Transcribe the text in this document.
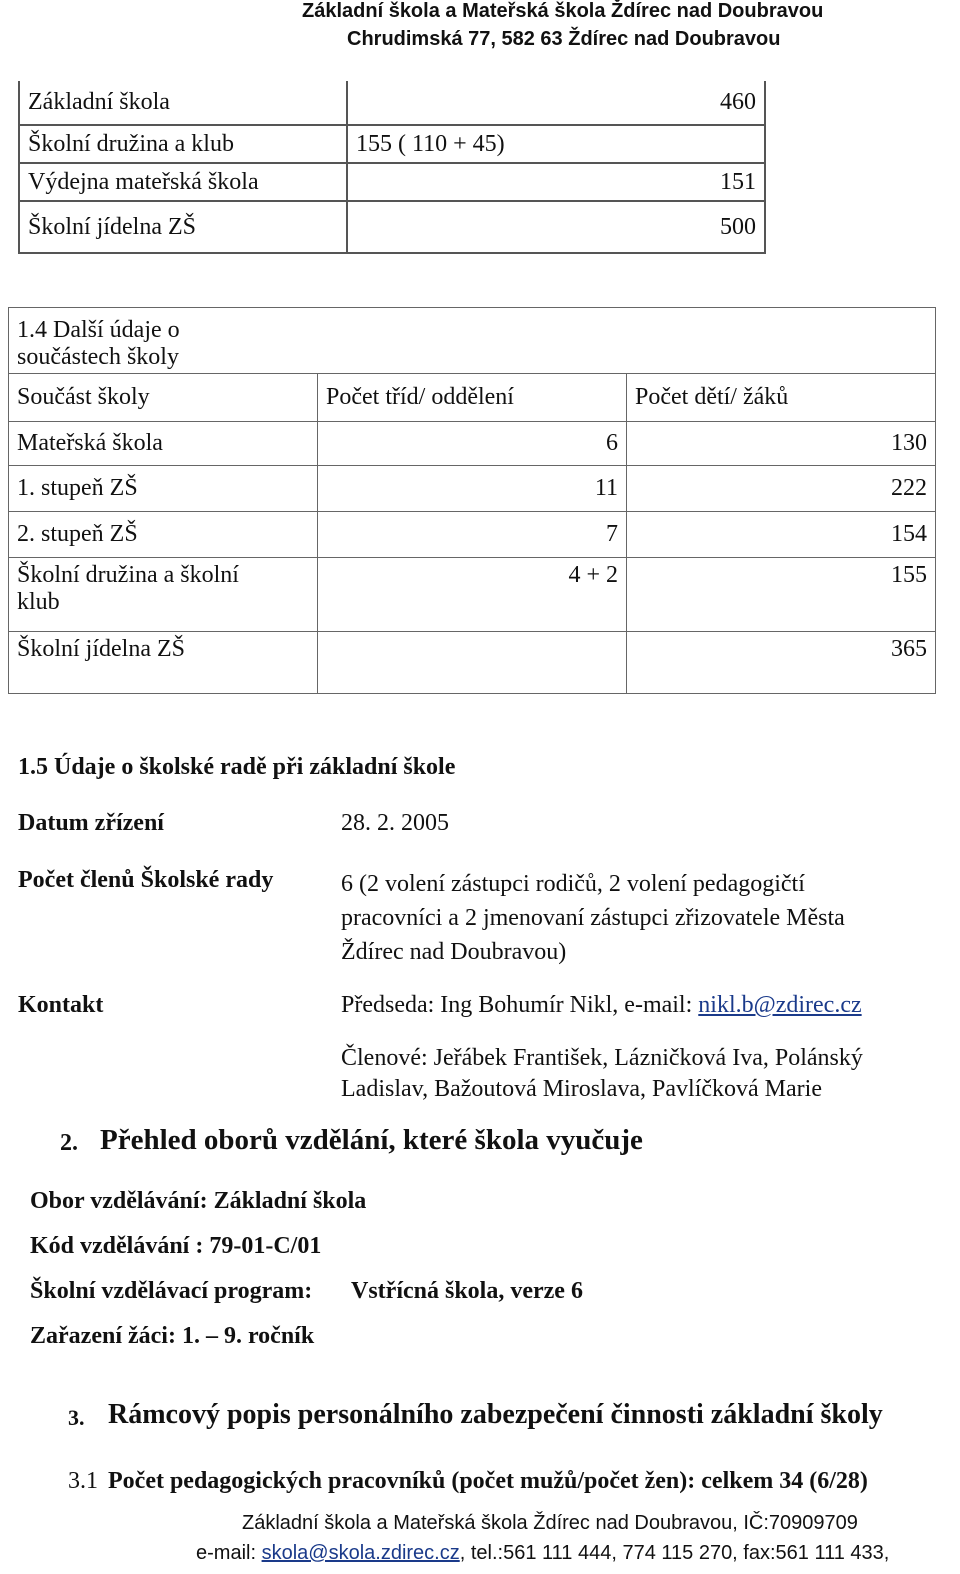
Základní škola a Mateřská škola Ždírec nad Doubravou
Chrudimská 77, 582 63 Ždírec nad Doubravou
Základní škola	460

Školní družina a klub	155 ( 110 + 45)
Výdejna mateřská škola	151
Školní jídelna ZŠ	500
1.4 Další údaje o
součástech školy		

Součást školy	Počet tříd/ oddělení	Počet dětí/ žáků
Mateřská škola	6	130
1. stupeň ZŠ	11	222
2. stupeň ZŠ	7	154

Školní družina a školní
klub	4 + 2	155
Školní jídelna ZŠ		365
1.5 Údaje o školské radě při základní škole
Datum zřízení	28. 2. 2005
Počet členů Školské rady	6 (2 volení zástupci rodičů, 2 volení pedagogičtí
pracovníci a 2 jmenovaní zástupci zřizovatele Města
Ždírec nad Doubravou)
Kontakt	Předseda: Ing Bohumír Nikl, e-mail: nikl.b@zdirec.cz
Členové: Jeřábek František, Lázničková Iva, Polánský
Ladislav, Bažoutová Miroslava, Pavlíčková Marie
2. Přehled oborů vzdělání, které škola vyučuje
Obor vzdělávání: Základní škola
Kód vzdělávání : 79-01-C/01
Školní vzdělávací program: Vstřícná škola, verze 6
Zařazení žáci: 1. – 9. ročník
3. Rámcový popis personálního zabezpečení činnosti základní školy
3.1 Počet pedagogických pracovníků (počet mužů/počet žen): celkem 34 (6/28)
Základní škola a Mateřská škola Ždírec nad Doubravou, IČ:70909709
e-mail: skola@skola.zdirec.cz, tel.:561 111 444, 774 115 270, fax:561 111 433,
